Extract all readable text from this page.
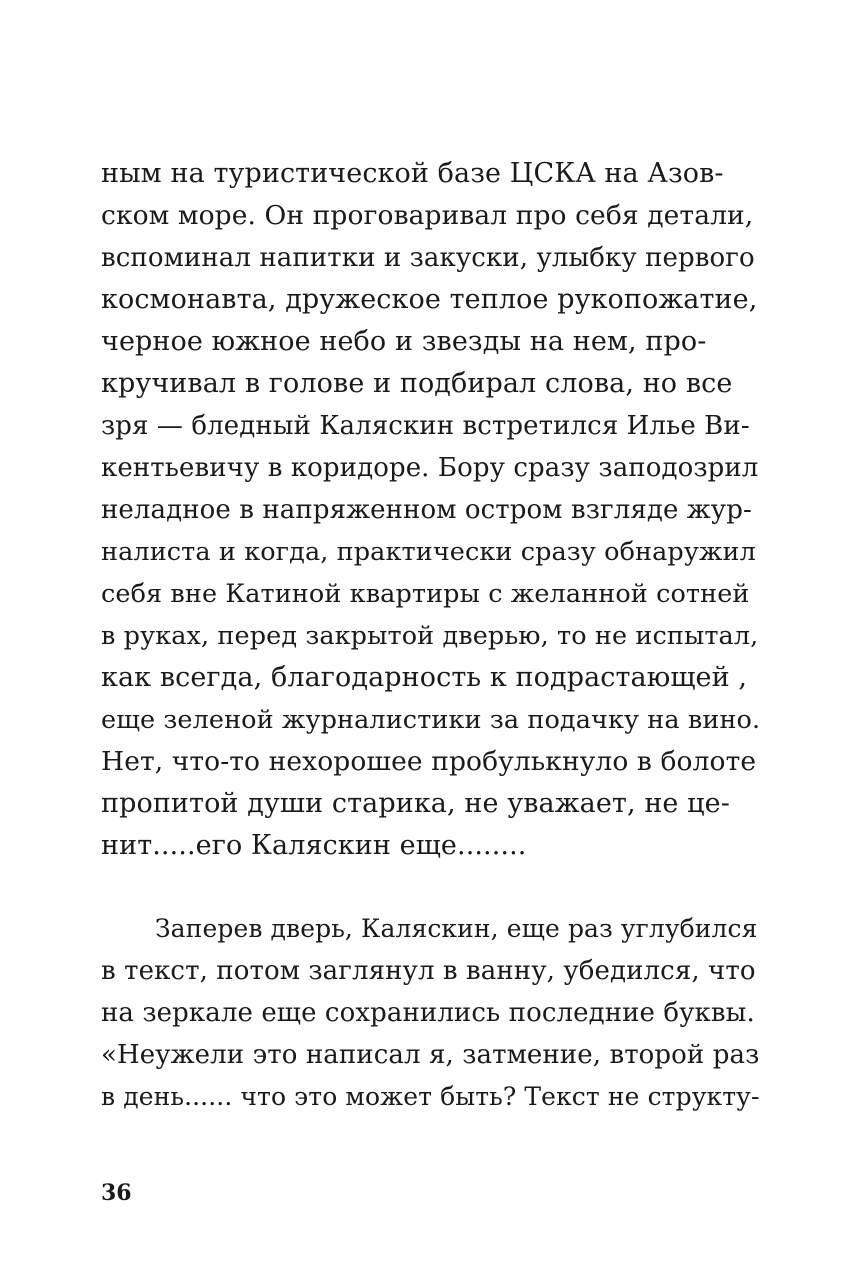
ным на туристической базе ЦСКА на Азов-
ском море. Он проговаривал про себя детали,
вспоминал напитки и закуски, улыбку первого
космонавта, дружеское теплое рукопожатие,
черное южное небо и звезды на нем, про-
кручивал в голове и подбирал слова, но все
зря — бледный Каляскин встретился Илье Ви-
кентьевичу в коридоре. Бору сразу заподозрил
неладное в напряженном остром взгляде жур-
налиста и когда, практически сразу обнаружил
себя вне Катиной квартиры с желанной сотней
в руках, перед закрытой дверью, то не испытал,
как всегда, благодарность к подрастающей ,
еще зеленой журналистики за подачку на вино.
Нет, что-то нехорошее пробулькнуло в болоте
пропитой души старика, не уважает, не це-
нит.....его Каляскин еще........
Заперев дверь, Каляскин, еще раз углубился
в текст, потом заглянул в ванну, убедился, что
на зеркале еще сохранились последние буквы.
«Неужели это написал я, затмение, второй раз
в день...... что это может быть? Текст не структу-
36
